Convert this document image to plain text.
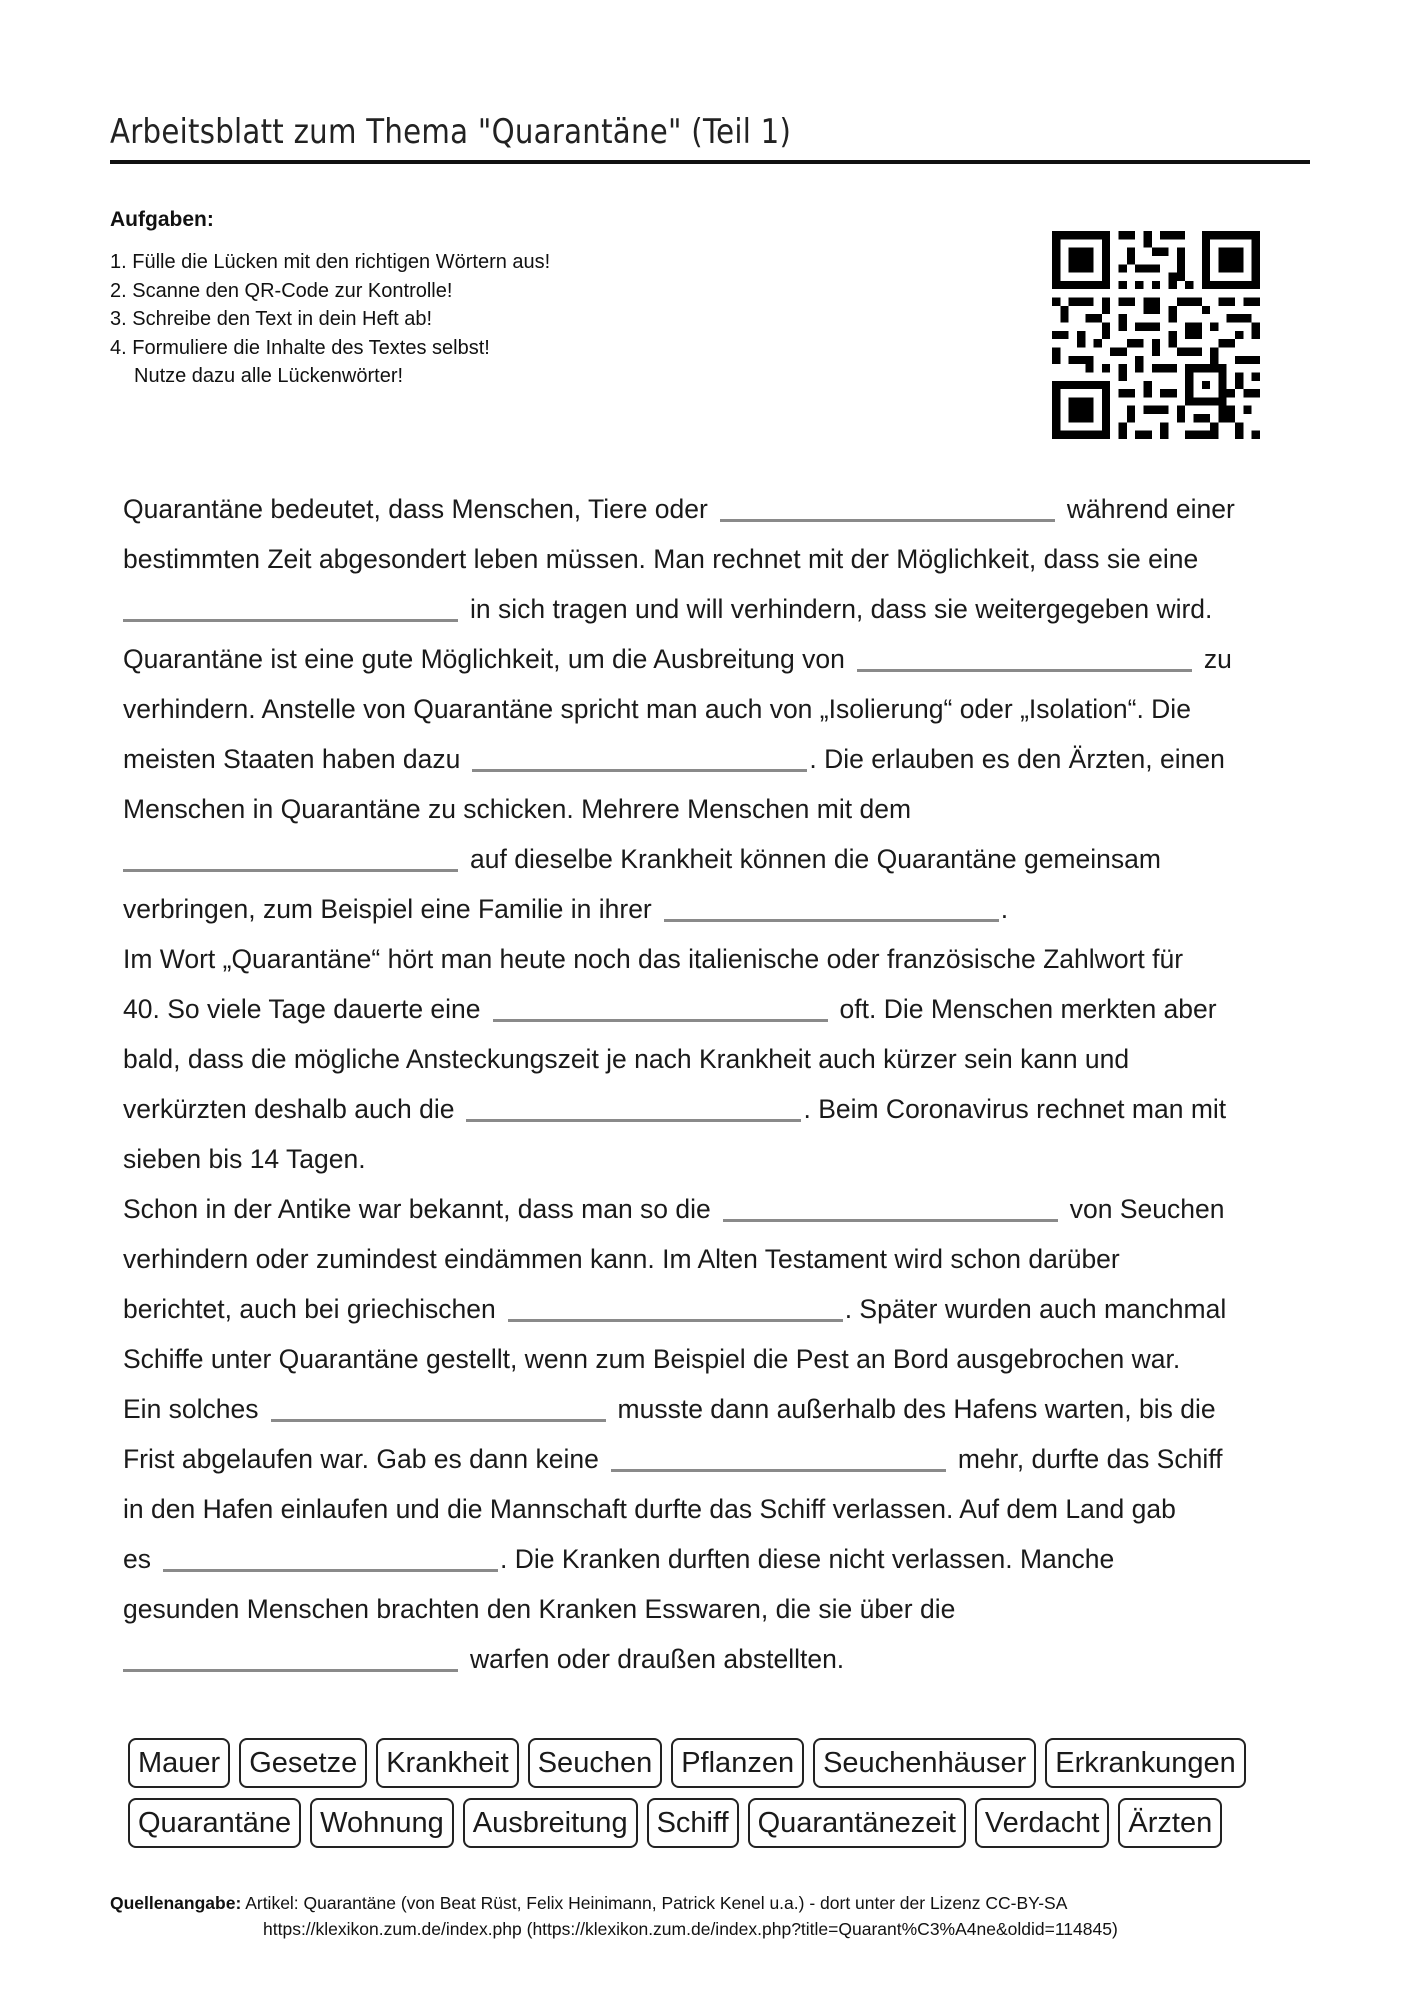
Arbeitsblatt zum Thema "Quarantäne" (Teil 1)
Aufgaben:
1. Fülle die Lücken mit den richtigen Wörtern aus!
2. Scanne den QR-Code zur Kontrolle!
3. Schreibe den Text in dein Heft ab!
4. Formuliere die Inhalte des Textes selbst!
Nutze dazu alle Lückenwörter!
Quarantäne bedeutet, dass Menschen, Tiere oder	während einer
bestimmten Zeit abgesondert leben müssen. Man rechnet mit der Möglichkeit, dass sie eine
in sich tragen und will verhindern, dass sie weitergegeben wird.
Quarantäne ist eine gute Möglichkeit, um die Ausbreitung von	zu
verhindern. Anstelle von Quarantäne spricht man auch von „Isolierung“ oder „Isolation“. Die
meisten Staaten haben dazu	. Die erlauben es den Ärzten, einen
Menschen in Quarantäne zu schicken. Mehrere Menschen mit dem
auf dieselbe Krankheit können die Quarantäne gemeinsam
verbringen, zum Beispiel eine Familie in ihrer	.
Im Wort „Quarantäne“ hört man heute noch das italienische oder französische Zahlwort für
40. So viele Tage dauerte eine	oft. Die Menschen merkten aber
bald, dass die mögliche Ansteckungszeit je nach Krankheit auch kürzer sein kann und
verkürzten deshalb auch die	. Beim Coronavirus rechnet man mit
sieben bis 14 Tagen.
Schon in der Antike war bekannt, dass man so die	von Seuchen
verhindern oder zumindest eindämmen kann. Im Alten Testament wird schon darüber
berichtet, auch bei griechischen	. Später wurden auch manchmal
Schiffe unter Quarantäne gestellt, wenn zum Beispiel die Pest an Bord ausgebrochen war.
Ein solches	musste dann außerhalb des Hafens warten, bis die
Frist abgelaufen war. Gab es dann keine	mehr, durfte das Schiff
in den Hafen einlaufen und die Mannschaft durfte das Schiff verlassen. Auf dem Land gab
es	. Die Kranken durften diese nicht verlassen. Manche
gesunden Menschen brachten den Kranken Esswaren, die sie über die
warfen oder draußen abstellten.
Mauer	Gesetze	Krankheit	Seuchen	Pflanzen	Seuchenhäuser	Erkrankungen
Quarantäne	Wohnung	Ausbreitung	Schiff	Quarantänezeit	Verdacht	Ärzten
Quellenangabe: Artikel: Quarantäne (von Beat Rüst, Felix Heinimann, Patrick Kenel u.a.) - dort unter der Lizenz CC-BY-SA
https://klexikon.zum.de/index.php (https://klexikon.zum.de/index.php?title=Quarant%C3%A4ne&oldid=114845)
